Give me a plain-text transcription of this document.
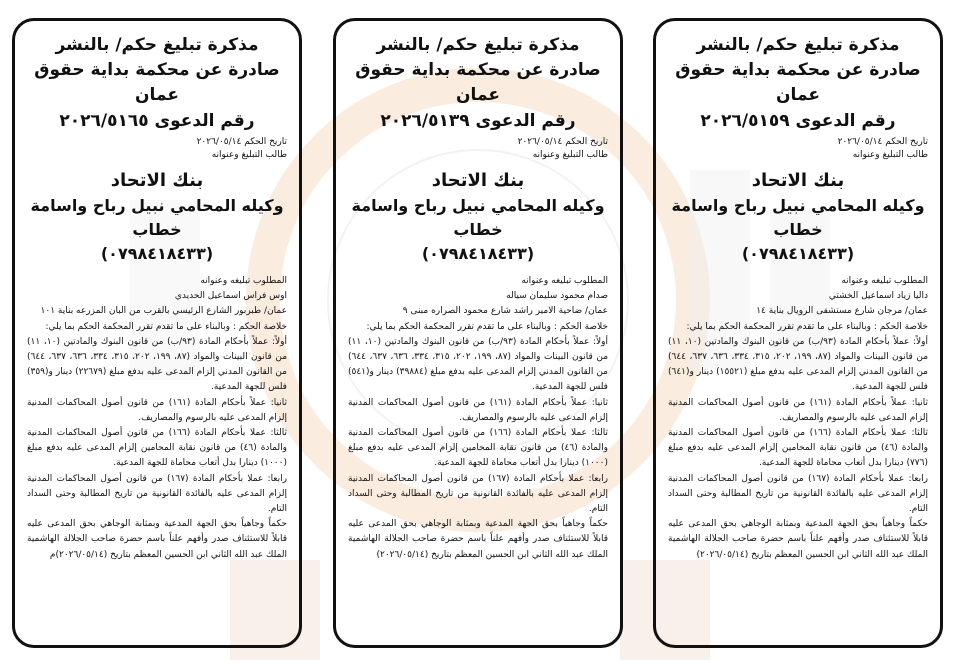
مذكرة تبليغ حكم/ بالنشر

صادرة عن محكمة بداية حقوق عمان

رقم الدعوى ٢٠٢٦/٥١٦٥

تاريخ الحكم ٢٠٢٦/٠٥/١٤

طالب التبليغ وعنوانه

بنك الاتحاد

وكيله المحامي نبيل رباح واسامة خطاب

(٠٧٩٨٤١٨٤٣٣)

المطلوب تبليغه وعنوانه

اوس فراس اسماعيل الحديدي

عمان/ طبربور الشارع الرئيسي بالقرب من البان المزرعه بناية ١٠١

خلاصة الحكم : وبالبناء على ما تقدم تقرر المحكمة الحكم بما يلي:

أولاً: عملاً بأحكام المادة (٩٣/ب) من قانون البنوك والمادتين (١٠، ١١) من قانون البينات والمواد (٨٧، ١٩٩، ٢٠٢، ٣١٥، ٣٣٤، ٦٣٦، ٦٣٧، ٦٤٤) من القانون المدني إلزام المدعى عليه بدفع مبلغ (٢٢٦٧٩) دينار و(٣٥٩) فلس للجهة المدعية.

ثانيا: عملاً بأحكام المادة (١٦١) من قانون أصول المحاكمات المدنية إلزام المدعى عليه بالرسوم والمصاريف.

ثالثا: عملا بأحكام المادة (١٦٦) من قانون أصول المحاكمات المدنية والمادة (٤٦) من قانون نقابة المحامين إلزام المدعى عليه بدفع مبلغ (١٠٠٠) دينارا بدل أتعاب محاماة للجهة المدعية.

رابعا: عملا بأحكام المادة (١٦٧) من قانون أصول المحاكمات المدنية إلزام المدعى عليه بالفائدة القانونية من تاريخ المطالبة وحتى السداد التام.

حكماً وجاهياً بحق الجهة المدعية وبمثابة الوجاهي بحق المدعى عليه قابلاً للاستئناف صدر وأفهم علناً باسم حضرة صاحب الجلالة الهاشمية الملك عبد الله الثاني ابن الحسين المعظم بتاريخ (٢٠٢٦/٠٥/١٤)م

مذكرة تبليغ حكم/ بالنشر

صادرة عن محكمة بداية حقوق عمان

رقم الدعوى ٢٠٢٦/٥١٣٩

تاريخ الحكم ٢٠٢٦/٠٥/١٤

طالب التبليغ وعنوانه

بنك الاتحاد

وكيله المحامي نبيل رباح واسامة خطاب

(٠٧٩٨٤١٨٤٣٣)

المطلوب تبليغه وعنوانه

صدام محمود سليمان سياله

عمان/ ضاحية الامير راشد شارع محمود الصراره مبنى ٩

خلاصة الحكم : وبالبناء على ما تقدم تقرر المحكمة الحكم بما يلي:

أولاً: عملاً بأحكام المادة (٩٣/ب) من قانون البنوك والمادتين (١٠، ١١) من قانون البينات والمواد (٨٧، ١٩٩، ٢٠٢، ٣١٥، ٣٣٤، ٦٣٦، ٦٣٧، ٦٤٤) من القانون المدني إلزام المدعى عليه بدفع مبلغ (٣٩٨٨٤) دينار و(٥٤١) فلس للجهة المدعية.

ثانيا: عملاً بأحكام المادة (١٦١) من قانون أصول المحاكمات المدنية إلزام المدعى عليه بالرسوم والمصاريف.

ثالثا: عملا بأحكام المادة (١٦٦) من قانون أصول المحاكمات المدنية والمادة (٤٦) من قانون نقابة المحامين إلزام المدعى عليه بدفع مبلغ (١٠٠٠) دينارا بدل أتعاب محاماة للجهة المدعية.

رابعا: عملا بأحكام المادة (١٦٧) من قانون أصول المحاكمات المدنية إلزام المدعى عليه بالفائدة القانونية من تاريخ المطالبة وحتى السداد التام.

حكماً وجاهياً بحق الجهة المدعية وبمثابة الوجاهي بحق المدعى عليه قابلاً للاستئناف صدر وأفهم علناً باسم حضرة صاحب الجلالة الهاشمية الملك عبد الله الثاني ابن الحسين المعظم بتاريخ (٢٠٢٦/٠٥/١٤)

مذكرة تبليغ حكم/ بالنشر

صادرة عن محكمة بداية حقوق عمان

رقم الدعوى ٢٠٢٦/٥١٥٩

تاريخ الحكم ٢٠٢٦/٠٥/١٤

طالب التبليغ وعنوانه

بنك الاتحاد

وكيله المحامي نبيل رباح واسامة خطاب

(٠٧٩٨٤١٨٤٣٣)

المطلوب تبليغه وعنوانه

داليا زياد اسماعيل الخشتي

عمان/ مرجان شارع مستشفى الرويال بناية ١٤

خلاصة الحكم : وبالبناء على ما تقدم تقرر المحكمة الحكم بما يلي:

أولاً: عملاً بأحكام المادة (٩٣/ب) من قانون البنوك والمادتين (١٠، ١١) من قانون البينات والمواد (٨٧، ١٩٩، ٢٠٢، ٣١٥، ٣٣٤، ٦٣٦، ٦٣٧، ٦٤٤) من القانون المدني إلزام المدعى عليه بدفع مبلغ (١٥٥٢١) دينار و(٦٤١) فلس للجهة المدعية.

ثانيا: عملاً بأحكام المادة (١٦١) من قانون أصول المحاكمات المدنية إلزام المدعى عليه بالرسوم والمصاريف.

ثالثا: عملا بأحكام المادة (١٦٦) من قانون أصول المحاكمات المدنية والمادة (٤٦) من قانون نقابة المحامين إلزام المدعى عليه بدفع مبلغ (٧٧٦) دينارا بدل أتعاب محاماة للجهة المدعية.

رابعا: عملا بأحكام المادة (١٦٧) من قانون أصول المحاكمات المدنية إلزام المدعى عليه بالفائدة القانونية من تاريخ المطالبة وحتى السداد التام.

حكماً وجاهياً بحق الجهة المدعية وبمثابة الوجاهي بحق المدعى عليه قابلاً للاستئناف صدر وأفهم علناً باسم حضرة صاحب الجلالة الهاشمية الملك عبد الله الثاني ابن الحسين المعظم بتاريخ (٢٠٢٦/٠٥/١٤)
